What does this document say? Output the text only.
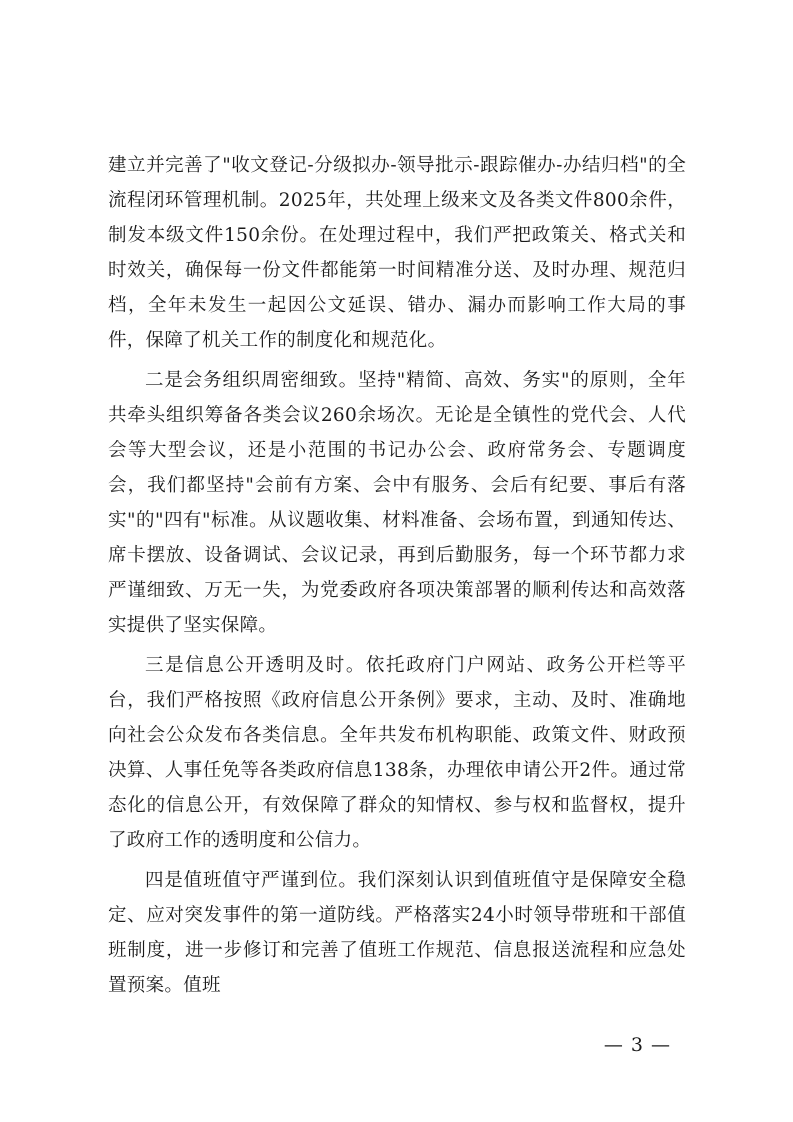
建立并完善了"收文登记-分级拟办-领导批示-跟踪催办-办结归档"的全流程闭环管理机制。2025年，共处理上级来文及各类文件800余件，制发本级文件150余份。在处理过程中，我们严把政策关、格式关和时效关，确保每一份文件都能第一时间精准分送、及时办理、规范归档，全年未发生一起因公文延误、错办、漏办而影响工作大局的事件，保障了机关工作的制度化和规范化。

二是会务组织周密细致。坚持"精简、高效、务实"的原则，全年共牵头组织筹备各类会议260余场次。无论是全镇性的党代会、人代会等大型会议，还是小范围的书记办公会、政府常务会、专题调度会，我们都坚持"会前有方案、会中有服务、会后有纪要、事后有落实"的"四有"标准。从议题收集、材料准备、会场布置，到通知传达、席卡摆放、设备调试、会议记录，再到后勤服务，每一个环节都力求严谨细致、万无一失，为党委政府各项决策部署的顺利传达和高效落实提供了坚实保障。

三是信息公开透明及时。依托政府门户网站、政务公开栏等平台，我们严格按照《政府信息公开条例》要求，主动、及时、准确地向社会公众发布各类信息。全年共发布机构职能、政策文件、财政预决算、人事任免等各类政府信息138条，办理依申请公开2件。通过常态化的信息公开，有效保障了群众的知情权、参与权和监督权，提升了政府工作的透明度和公信力。

四是值班值守严谨到位。我们深刻认识到值班值守是保障安全稳定、应对突发事件的第一道防线。严格落实24小时领导带班和干部值班制度，进一步修订和完善了值班工作规范、信息报送流程和应急处置预案。值班

— 3 —
